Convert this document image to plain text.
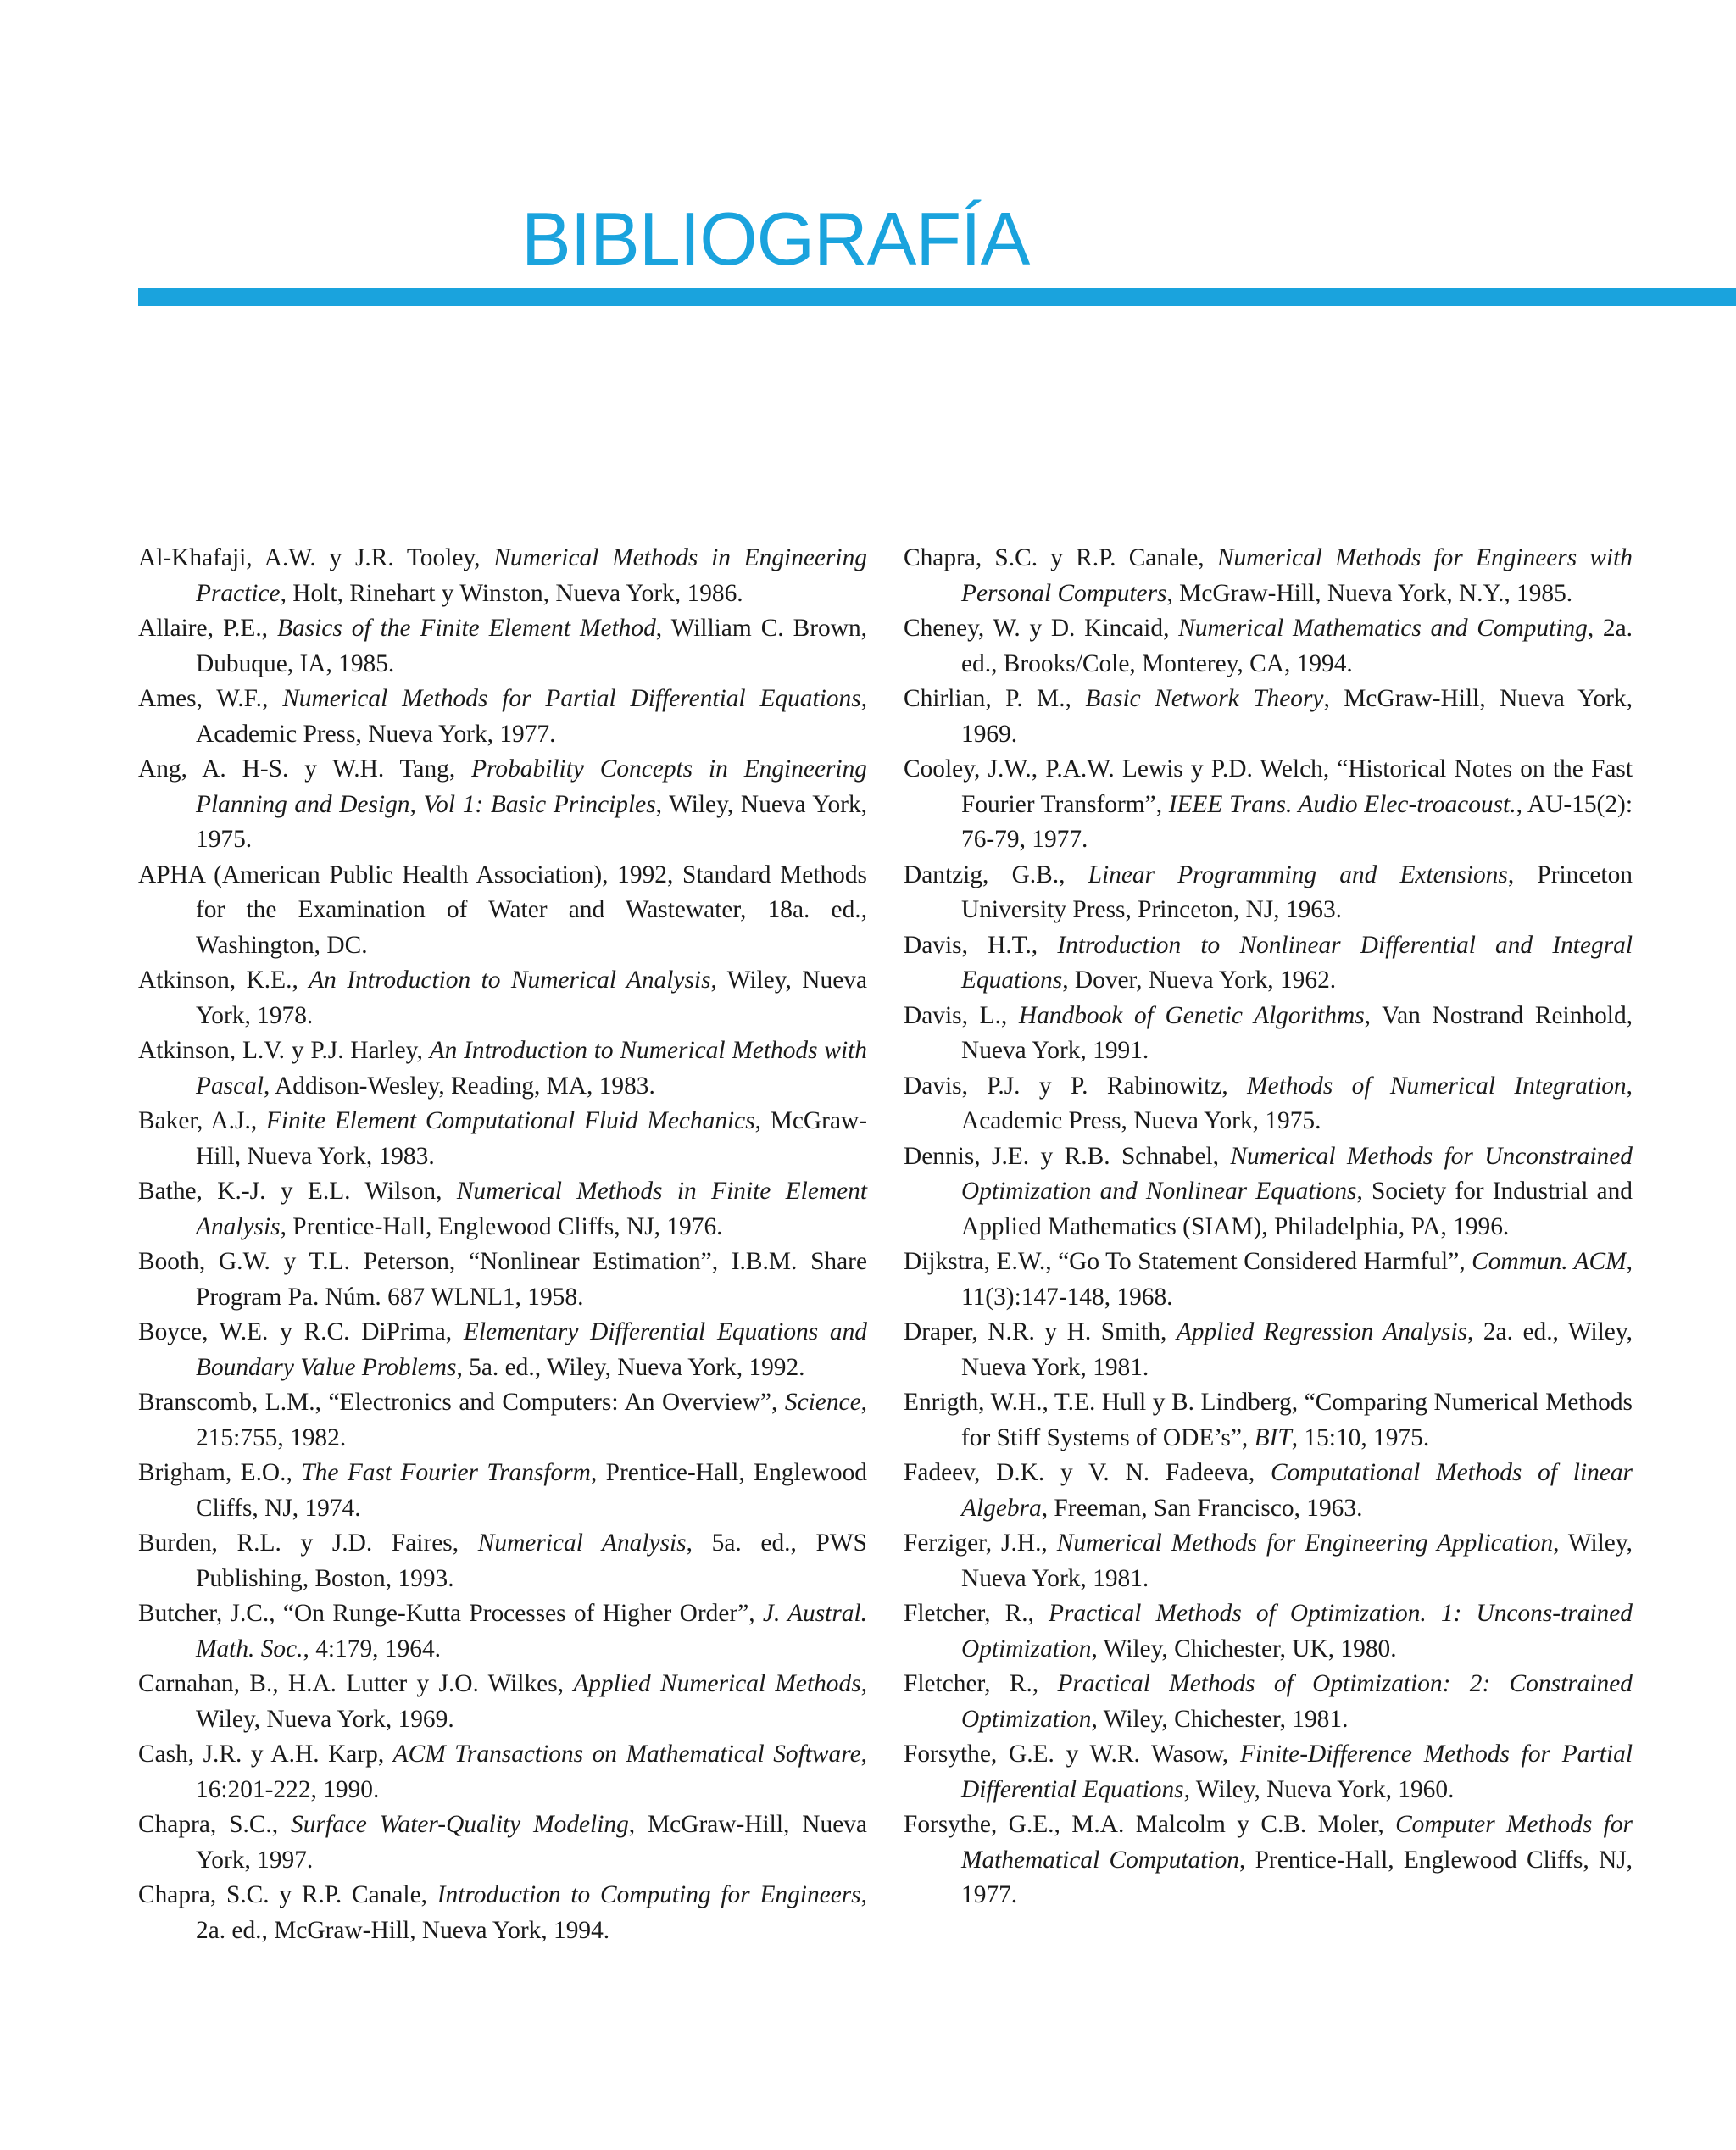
BIBLIOGRAFÍA

Al-Khafaji, A.W. y J.R. Tooley, Numerical Methods in Engineering Practice, Holt, Rinehart y Winston, Nueva York, 1986.

Allaire, P.E., Basics of the Finite Element Method, William C. Brown, Dubuque, IA, 1985.

Ames, W.F., Numerical Methods for Partial Differential Equations, Academic Press, Nueva York, 1977.

Ang, A. H-S. y W.H. Tang, Probability Concepts in Engineering Planning and Design, Vol 1: Basic Principles, Wiley, Nueva York, 1975.

APHA (American Public Health Association), 1992, Standard Methods for the Examination of Water and Wastewater, 18a. ed., Washington, DC.

Atkinson, K.E., An Introduction to Numerical Analysis, Wiley, Nueva York, 1978.

Atkinson, L.V. y P.J. Harley, An Introduction to Numerical Methods with Pascal, Addison-Wesley, Reading, MA, 1983.

Baker, A.J., Finite Element Computational Fluid Mechanics, McGraw-Hill, Nueva York, 1983.

Bathe, K.-J. y E.L. Wilson, Numerical Methods in Finite Element Analysis, Prentice-Hall, Englewood Cliffs, NJ, 1976.

Booth, G.W. y T.L. Peterson, “Nonlinear Estimation”, I.B.M. Share Program Pa. Núm. 687 WLNL1, 1958.

Boyce, W.E. y R.C. DiPrima, Elementary Differential Equations and Boundary Value Problems, 5a. ed., Wiley, Nueva York, 1992.

Branscomb, L.M., “Electronics and Computers: An Overview”, Science, 215:755, 1982.

Brigham, E.O., The Fast Fourier Transform, Prentice-Hall, Englewood Cliffs, NJ, 1974.

Burden, R.L. y J.D. Faires, Numerical Analysis, 5a. ed., PWS Publishing, Boston, 1993.

Butcher, J.C., “On Runge-Kutta Processes of Higher Order”, J. Austral. Math. Soc., 4:179, 1964.

Carnahan, B., H.A. Lutter y J.O. Wilkes, Applied Numerical Methods, Wiley, Nueva York, 1969.

Cash, J.R. y A.H. Karp, ACM Transactions on Mathematical Software, 16:201-222, 1990.

Chapra, S.C., Surface Water-Quality Modeling, McGraw-Hill, Nueva York, 1997.

Chapra, S.C. y R.P. Canale, Introduction to Computing for Engineers, 2a. ed., McGraw-Hill, Nueva York, 1994.

Chapra, S.C. y R.P. Canale, Numerical Methods for Engineers with Personal Computers, McGraw-Hill, Nueva York, N.Y., 1985.

Cheney, W. y D. Kincaid, Numerical Mathematics and Computing, 2a. ed., Brooks/Cole, Monterey, CA, 1994.

Chirlian, P. M., Basic Network Theory, McGraw-Hill, Nueva York, 1969.

Cooley, J.W., P.A.W. Lewis y P.D. Welch, “Historical Notes on the Fast Fourier Transform”, IEEE Trans. Audio Elec-troacoust., AU-15(2): 76-79, 1977.

Dantzig, G.B., Linear Programming and Extensions, Princeton University Press, Princeton, NJ, 1963.

Davis, H.T., Introduction to Nonlinear Differential and Integral Equations, Dover, Nueva York, 1962.

Davis, L., Handbook of Genetic Algorithms, Van Nostrand Reinhold, Nueva York, 1991.

Davis, P.J. y P. Rabinowitz, Methods of Numerical Integration, Academic Press, Nueva York, 1975.

Dennis, J.E. y R.B. Schnabel, Numerical Methods for Unconstrained Optimization and Nonlinear Equations, Society for Industrial and Applied Mathematics (SIAM), Philadelphia, PA, 1996.

Dijkstra, E.W., “Go To Statement Considered Harmful”, Commun. ACM, 11(3):147-148, 1968.

Draper, N.R. y H. Smith, Applied Regression Analysis, 2a. ed., Wiley, Nueva York, 1981.

Enrigth, W.H., T.E. Hull y B. Lindberg, “Comparing Numerical Methods for Stiff Systems of ODE’s”, BIT, 15:10, 1975.

Fadeev, D.K. y V. N. Fadeeva, Computational Methods of linear Algebra, Freeman, San Francisco, 1963.

Ferziger, J.H., Numerical Methods for Engineering Application, Wiley, Nueva York, 1981.

Fletcher, R., Practical Methods of Optimization. 1: Uncons-trained Optimization, Wiley, Chichester, UK, 1980.

Fletcher, R., Practical Methods of Optimization: 2: Constrained Optimization, Wiley, Chichester, 1981.

Forsythe, G.E. y W.R. Wasow, Finite-Difference Methods for Partial Differential Equations, Wiley, Nueva York, 1960.

Forsythe, G.E., M.A. Malcolm y C.B. Moler, Computer Methods for Mathematical Computation, Prentice-Hall, Englewood Cliffs, NJ, 1977.
